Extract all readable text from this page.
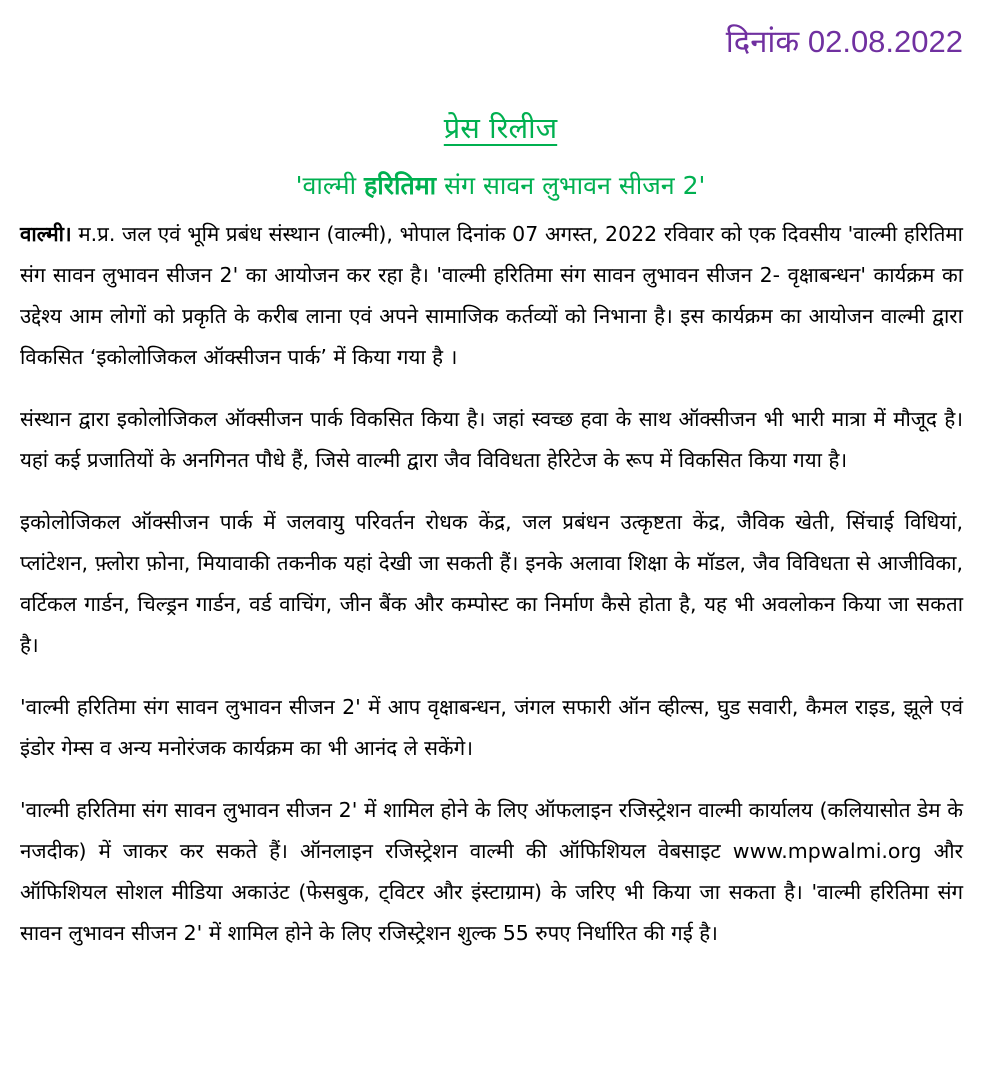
दिनांक 02.08.2022
प्रेस रिलीज
'वाल्मी हरितिमा संग सावन लुभावन सीजन 2'

वाल्मी। म.प्र. जल एवं भूमि प्रबंध संस्थान (वाल्मी), भोपाल दिनांक 07 अगस्त, 2022 रविवार को एक दिवसीय 'वाल्मी हरितिमा संग सावन लुभावन सीजन 2' का आयोजन कर रहा है। 'वाल्मी हरितिमा संग सावन लुभावन सीजन 2- वृक्षाबन्धन' कार्यक्रम का उद्देश्य आम लोगों को प्रकृति के करीब लाना एवं अपने सामाजिक कर्तव्यों को निभाना है। इस कार्यक्रम का आयोजन वाल्मी द्वारा विकसित ‘इकोलोजिकल ऑक्सीजन पार्क’ में किया गया है ।

संस्थान द्वारा इकोलोजिकल ऑक्सीजन पार्क विकसित किया है। जहां स्वच्छ हवा के साथ ऑक्सीजन भी भारी मात्रा में मौजूद है। यहां कई प्रजातियों के अनगिनत पौधे हैं, जिसे वाल्मी द्वारा जैव विविधता हेरिटेज के रूप में विकसित किया गया है।

इकोलोजिकल ऑक्सीजन पार्क में जलवायु परिवर्तन रोधक केंद्र, जल प्रबंधन उत्कृष्टता केंद्र, जैविक खेती, सिंचाई विधियां, प्लांटेशन, फ़्लोरा फ़ोना, मियावाकी तकनीक यहां देखी जा सकती हैं। इनके अलावा शिक्षा के मॉडल, जैव विविधता से आजीविका, वर्टिकल गार्डन, चिल्ड्रन गार्डन, वर्ड वाचिंग, जीन बैंक और कम्पोस्ट का निर्माण कैसे होता है, यह भी अवलोकन किया जा सकता है।

'वाल्मी हरितिमा संग सावन लुभावन सीजन 2' में आप वृक्षाबन्धन, जंगल सफारी ऑन व्हील्स, घुड सवारी, कैमल राइड, झूले एवं इंडोर गेम्स व अन्य मनोरंजक कार्यक्रम का भी आनंद ले सकेंगे।

'वाल्मी हरितिमा संग सावन लुभावन सीजन 2' में शामिल होने के लिए ऑफलाइन रजिस्ट्रेशन वाल्मी कार्यालय (कलियासोत डेम के नजदीक) में जाकर कर सकते हैं। ऑनलाइन रजिस्ट्रेशन वाल्मी की ऑफिशियल वेबसाइट www.mpwalmi.org और ऑफिशियल सोशल मीडिया अकाउंट (फेसबुक, ट्विटर और इंस्टाग्राम) के जरिए भी किया जा सकता है। 'वाल्मी हरितिमा संग सावन लुभावन सीजन 2' में शामिल होने के लिए रजिस्ट्रेशन शुल्क 55 रुपए निर्धारित की गई है।
